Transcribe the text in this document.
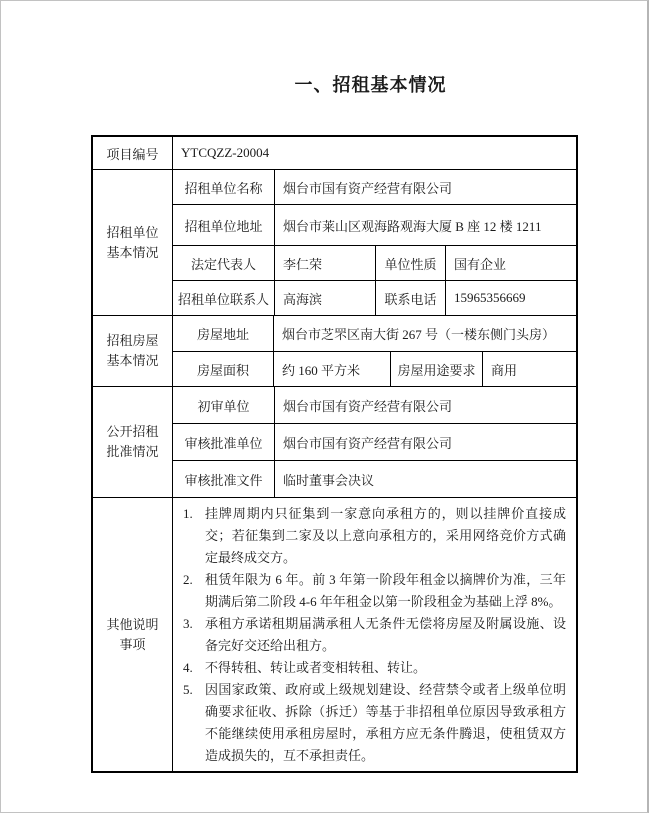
一、招租基本情况
项目编号	YTCQZZ-20004
招租单位基本情况
招租单位名称	烟台市国有资产经营有限公司
招租单位地址	烟台市莱山区观海路观海大厦 B 座 12 楼 1211
法定代表人	李仁荣	单位性质	国有企业
招租单位联系人	高海滨	联系电话	15965356669
招租房屋基本情况
房屋地址	烟台市芝罘区南大街 267 号（一楼东侧门头房）
房屋面积	约 160 平方米	房屋用途要求	商用
公开招租批准情况
初审单位	烟台市国有资产经营有限公司
审核批准单位	烟台市国有资产经营有限公司
审核批准文件	临时董事会决议
其他说明事项
1. 挂牌周期内只征集到一家意向承租方的，则以挂牌价直接成交；若征集到二家及以上意向承租方的，采用网络竞价方式确定最终成交方。
2. 租赁年限为 6 年。前 3 年第一阶段年租金以摘牌价为准，三年期满后第二阶段 4-6 年年租金以第一阶段租金为基础上浮 8%。
3. 承租方承诺租期届满承租人无条件无偿将房屋及附属设施、设备完好交还给出租方。
4. 不得转租、转让或者变相转租、转让。
5. 因国家政策、政府或上级规划建设、经营禁令或者上级单位明确要求征收、拆除（拆迁）等基于非招租单位原因导致承租方不能继续使用承租房屋时，承租方应无条件腾退，使租赁双方造成损失的，互不承担责任。
